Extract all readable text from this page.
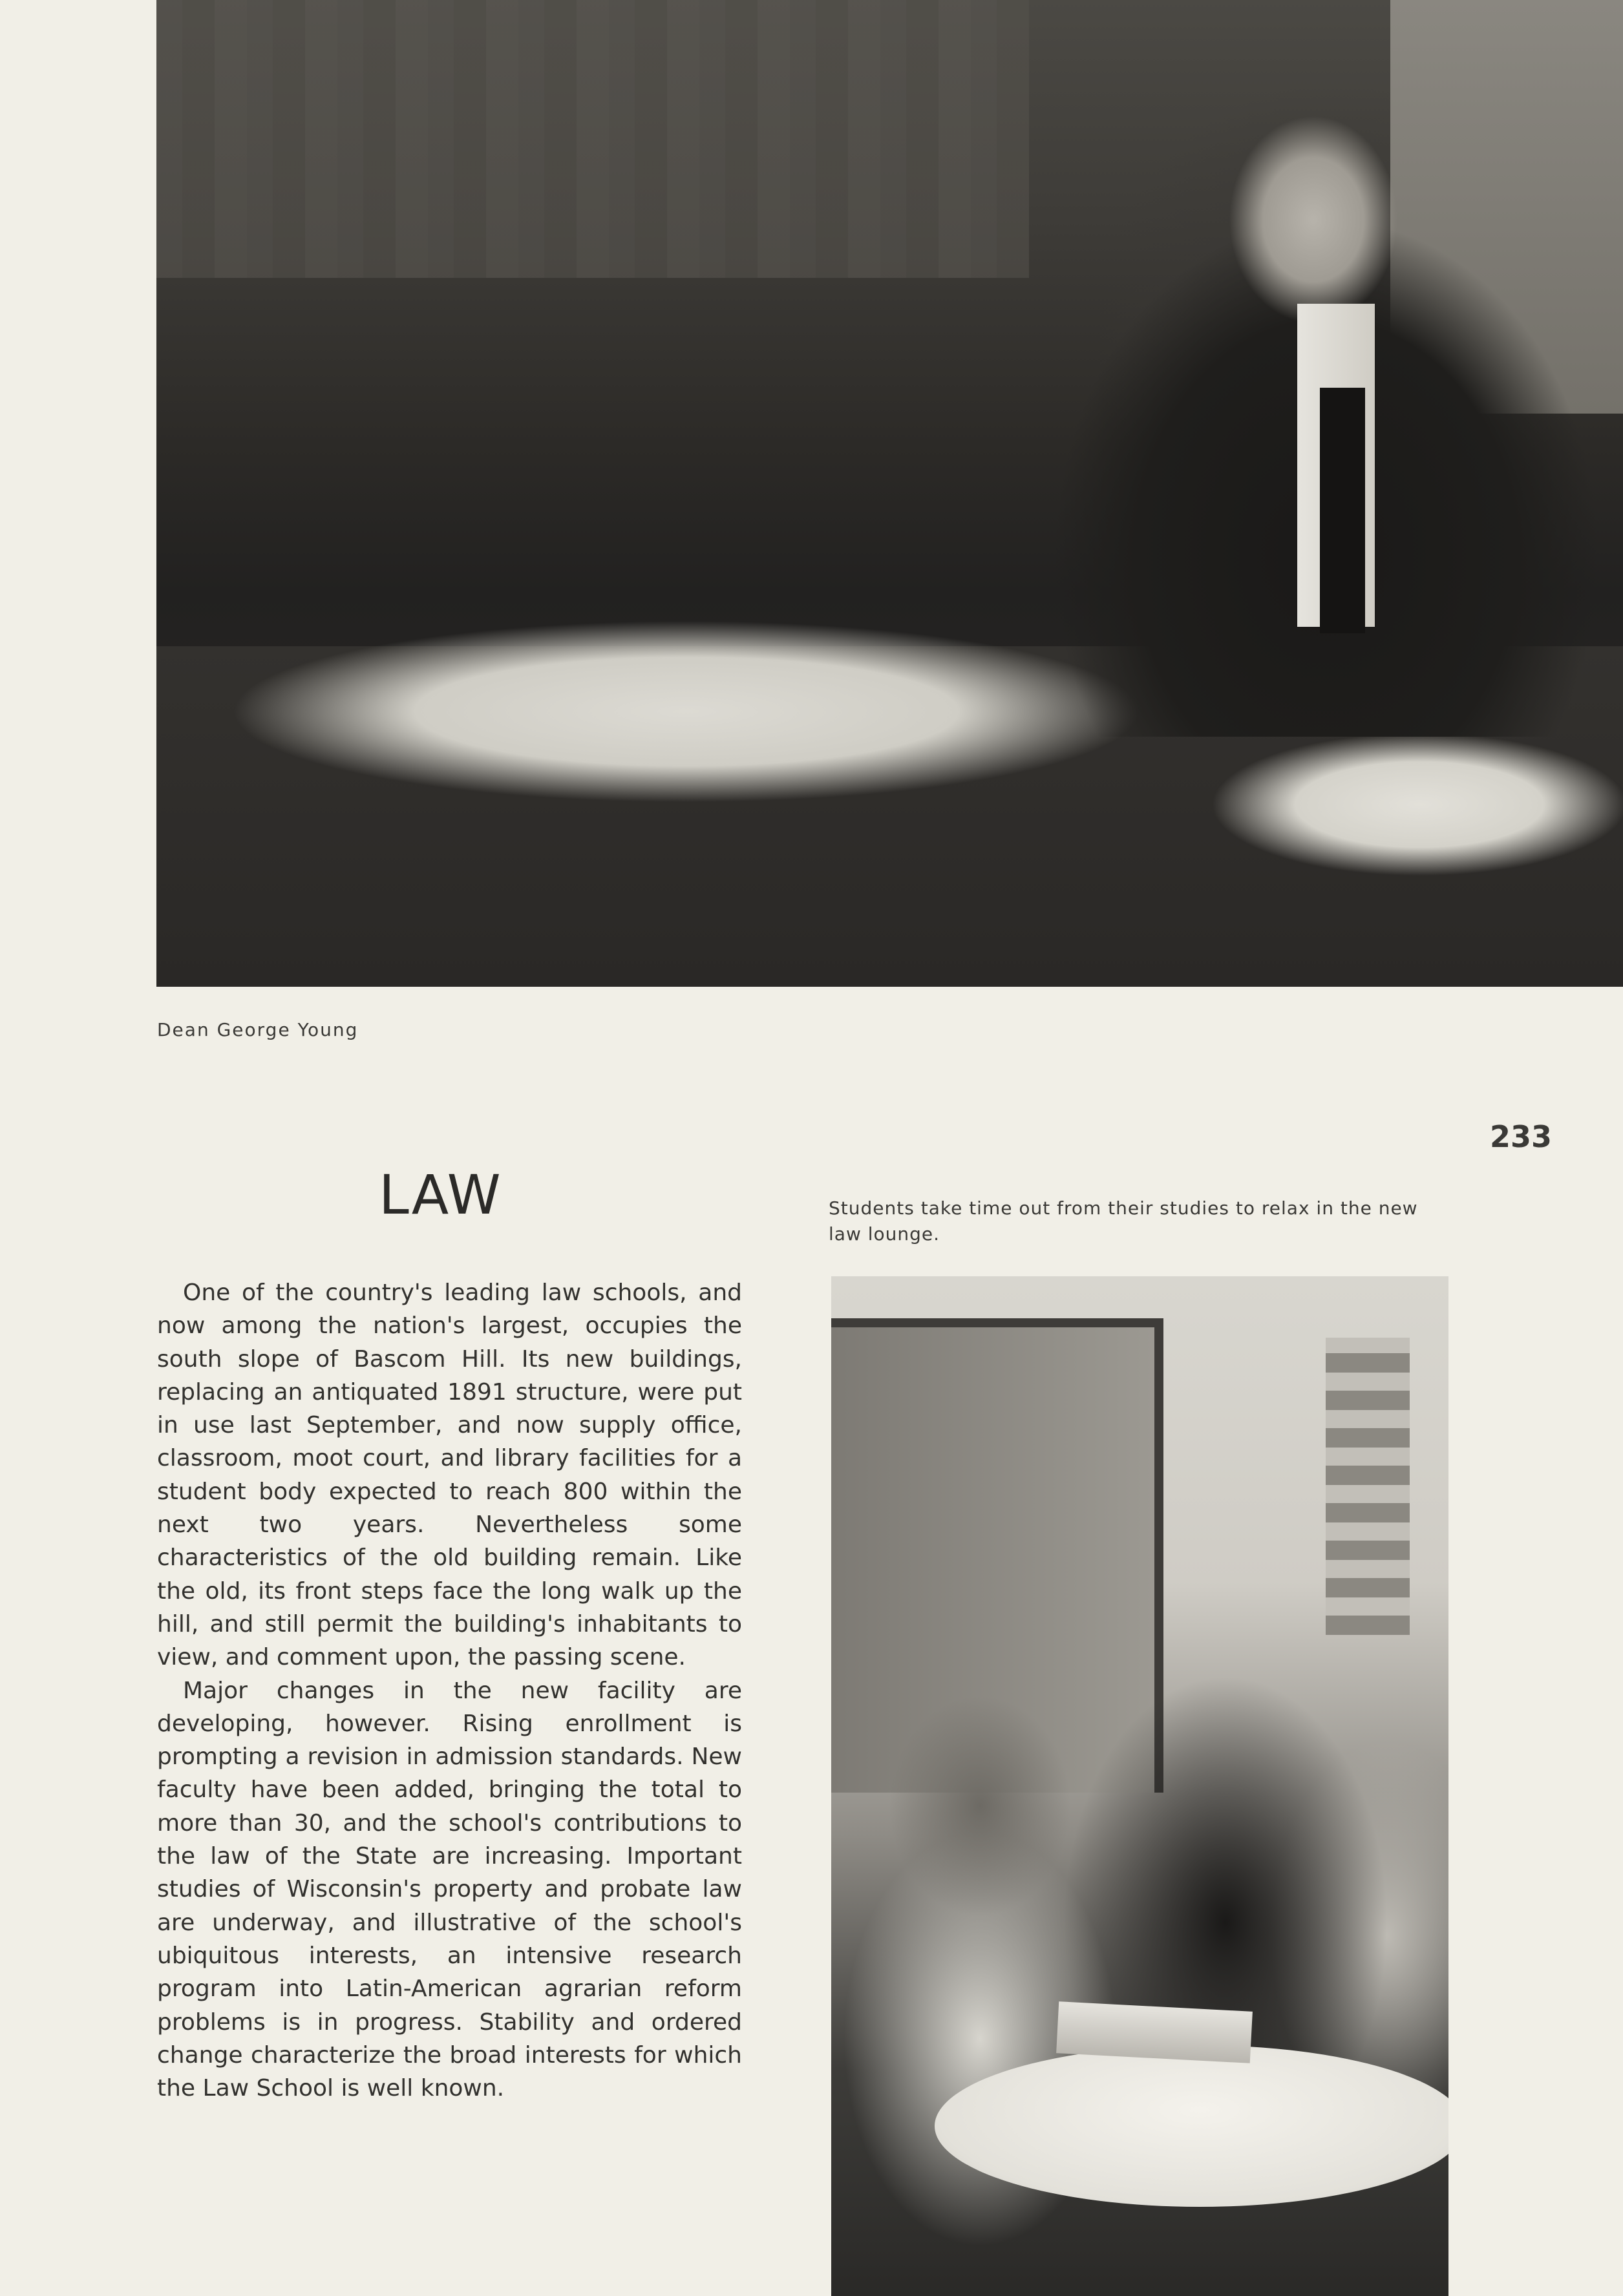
Dean George Young
233
LAW

One of the country's leading law schools, and now among the nation's largest, occupies the south slope of Bascom Hill. Its new buildings, replacing an antiquated 1891 structure, were put in use last September, and now supply office, classroom, moot court, and library facilities for a student body expected to reach 800 within the next two years. Nevertheless some characteristics of the old building remain. Like the old, its front steps face the long walk up the hill, and still permit the building's inhabitants to view, and comment upon, the passing scene.

Major changes in the new facility are developing, however. Rising enrollment is prompting a revision in admission standards. New faculty have been added, bringing the total to more than 30, and the school's contributions to the law of the State are increasing. Important studies of Wisconsin's property and probate law are underway, and illustrative of the school's ubiquitous interests, an intensive research program into Latin-American agrarian reform problems is in progress. Stability and ordered change characterize the broad interests for which the Law School is well known.

Students take time out from their studies to relax in the new law lounge.
